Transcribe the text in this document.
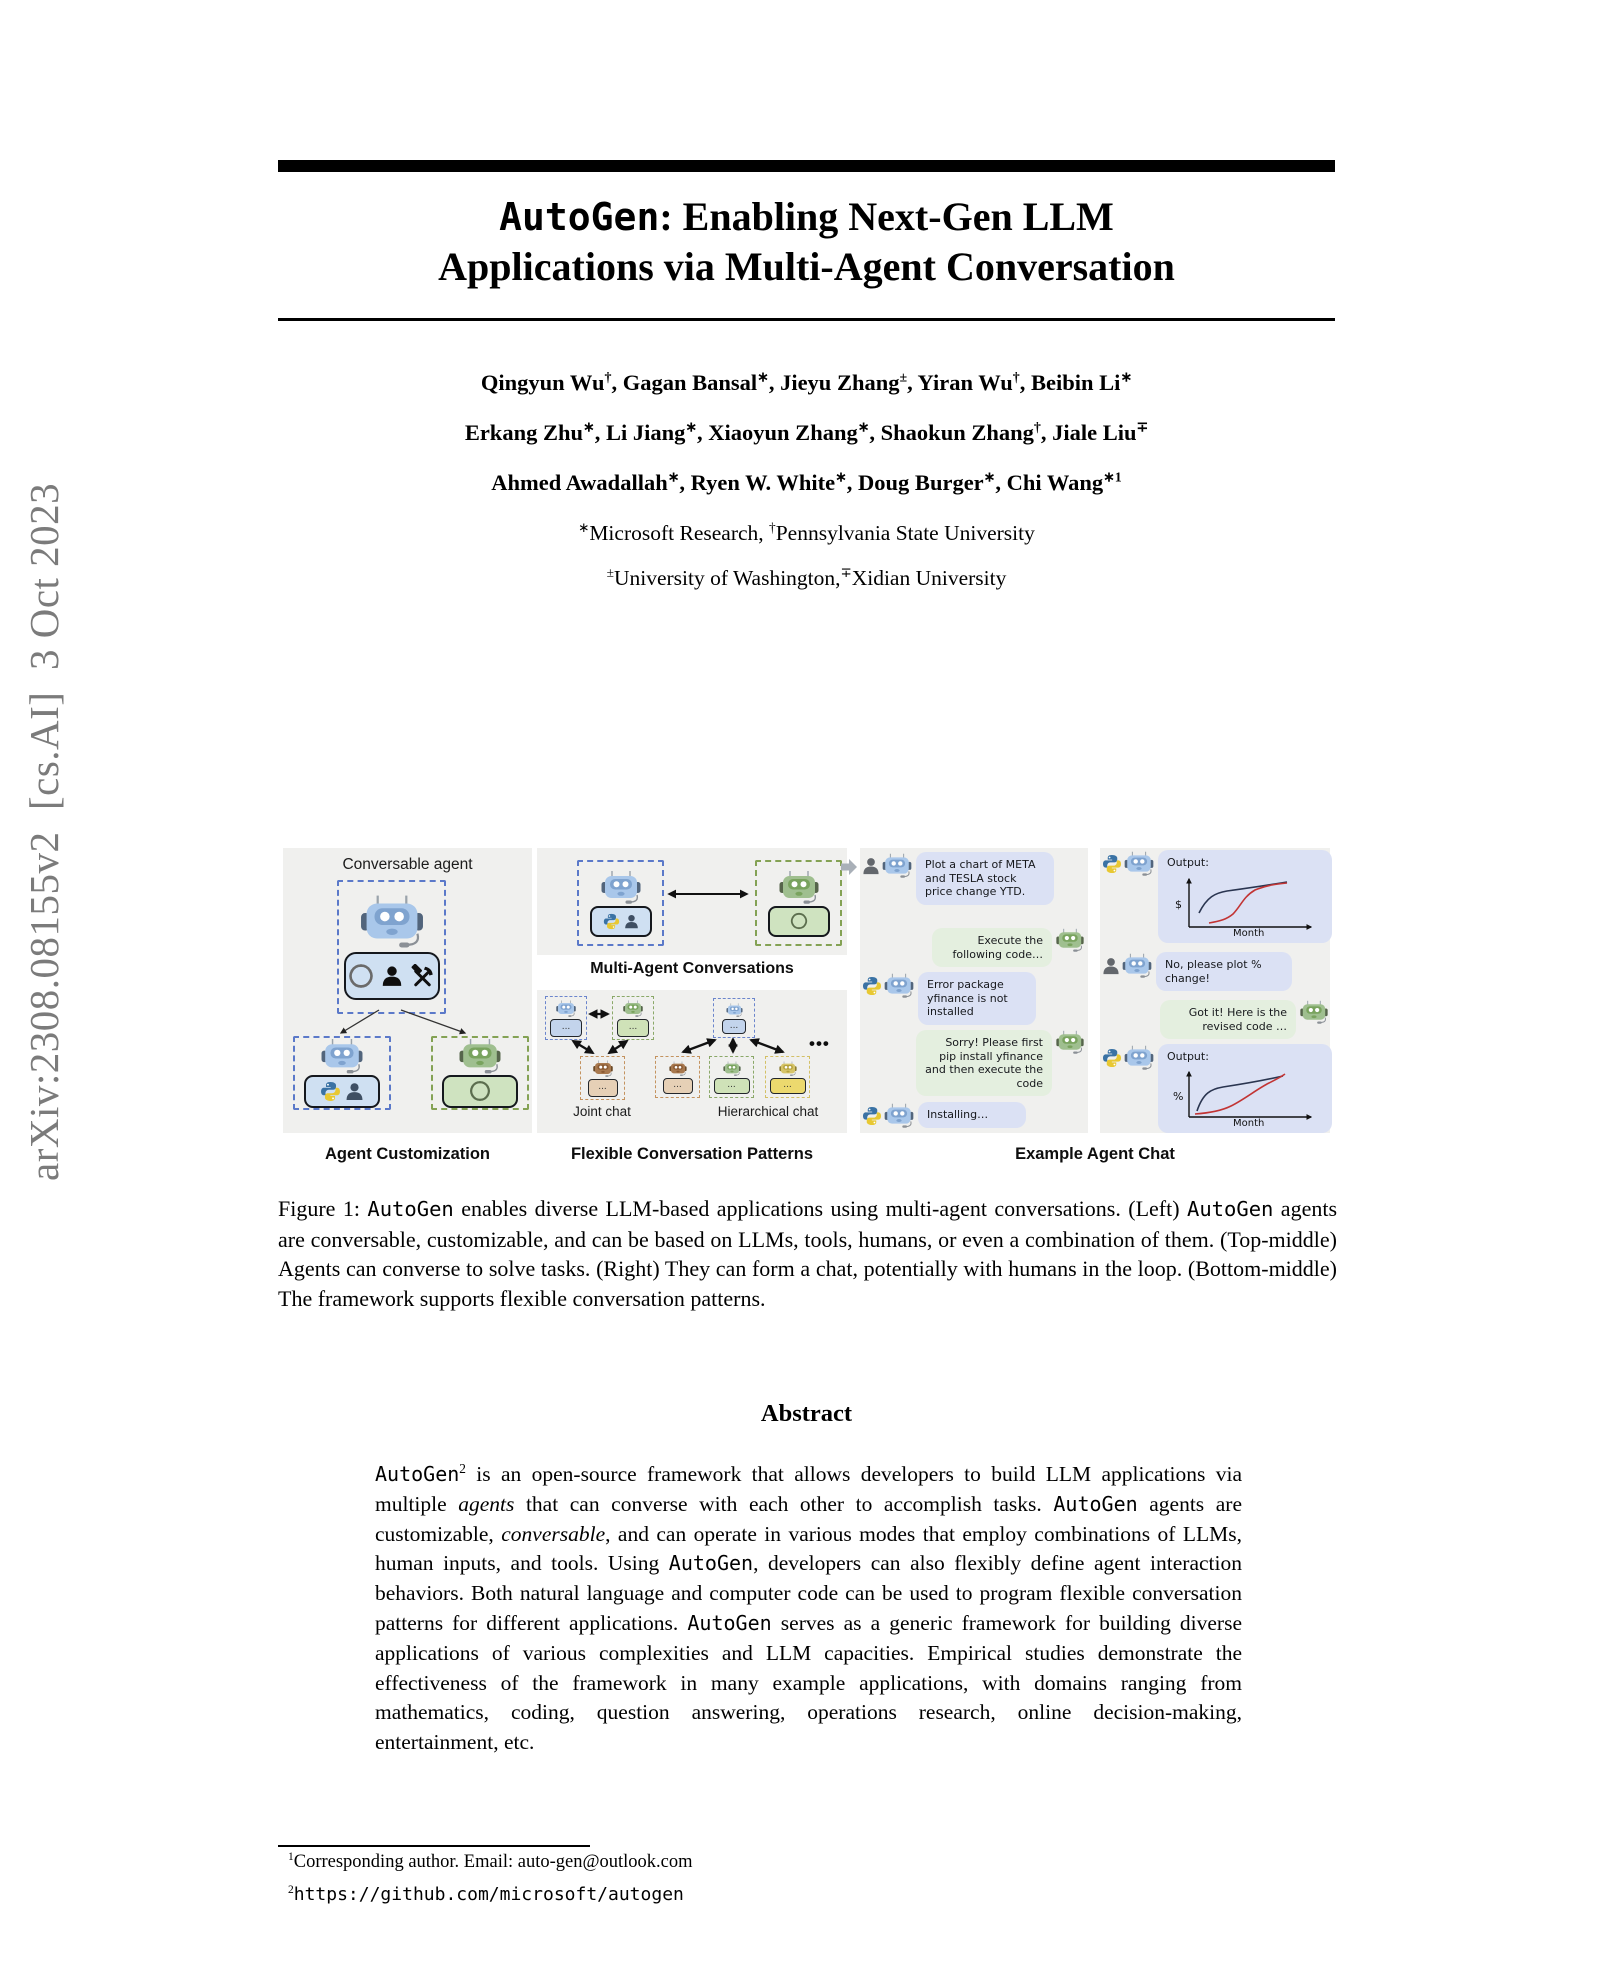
arXiv:2308.08155v2  [cs.AI]  3 Oct 2023
AutoGen: Enabling Next-Gen LLM
Applications via Multi-Agent Conversation
Qingyun Wu†, Gagan Bansal∗, Jieyu Zhang±, Yiran Wu†, Beibin Li∗
Erkang Zhu∗, Li Jiang∗, Xiaoyun Zhang∗, Shaokun Zhang†, Jiale Liu∓
Ahmed Awadallah∗, Ryen W. White∗, Doug Burger∗, Chi Wang$^{∗1}$
∗Microsoft Research, †Pennsylvania State University
±University of Washington,∓Xidian University
Conversable agent
Multi-Agent Conversations
...	...
...	...
...
...	...
•••
Joint chat	Hierarchical chat
Plot a chart of META and TESLA stock price change YTD.
Execute the following code…
Error package yfinance is not installed
Sorry! Please first pip install yfinance and then execute the code
Installing…
Output:
$
Month
No, please plot % change!
Got it! Here is the revised code …
Output:
%
Month
Agent Customization	Flexible Conversation Patterns	Example Agent Chat

Figure 1: AutoGen enables diverse LLM-based applications using multi-agent conversations. (Left) AutoGen agents are conversable, customizable, and can be based on LLMs, tools, humans, or even a combination of them. (Top-middle) Agents can converse to solve tasks. (Right) They can form a chat, potentially with humans in the loop. (Bottom-middle) The framework supports flexible conversation patterns.

Abstract

AutoGen$^2$ is an open-source framework that allows developers to build LLM applications via multiple agents that can converse with each other to accomplish tasks. AutoGen agents are customizable, conversable, and can operate in various modes that employ combinations of LLMs, human inputs, and tools. Using AutoGen, developers can also flexibly define agent interaction behaviors. Both natural language and computer code can be used to program flexible conversation patterns for different applications. AutoGen serves as a generic framework for building diverse applications of various complexities and LLM capacities. Empirical studies demonstrate the effectiveness of the framework in many example applications, with domains ranging from mathematics, coding, question answering, operations research, online decision-making, entertainment, etc.

$^1$Corresponding author. Email: auto-gen@outlook.com
$^2$https://github.com/microsoft/autogen
